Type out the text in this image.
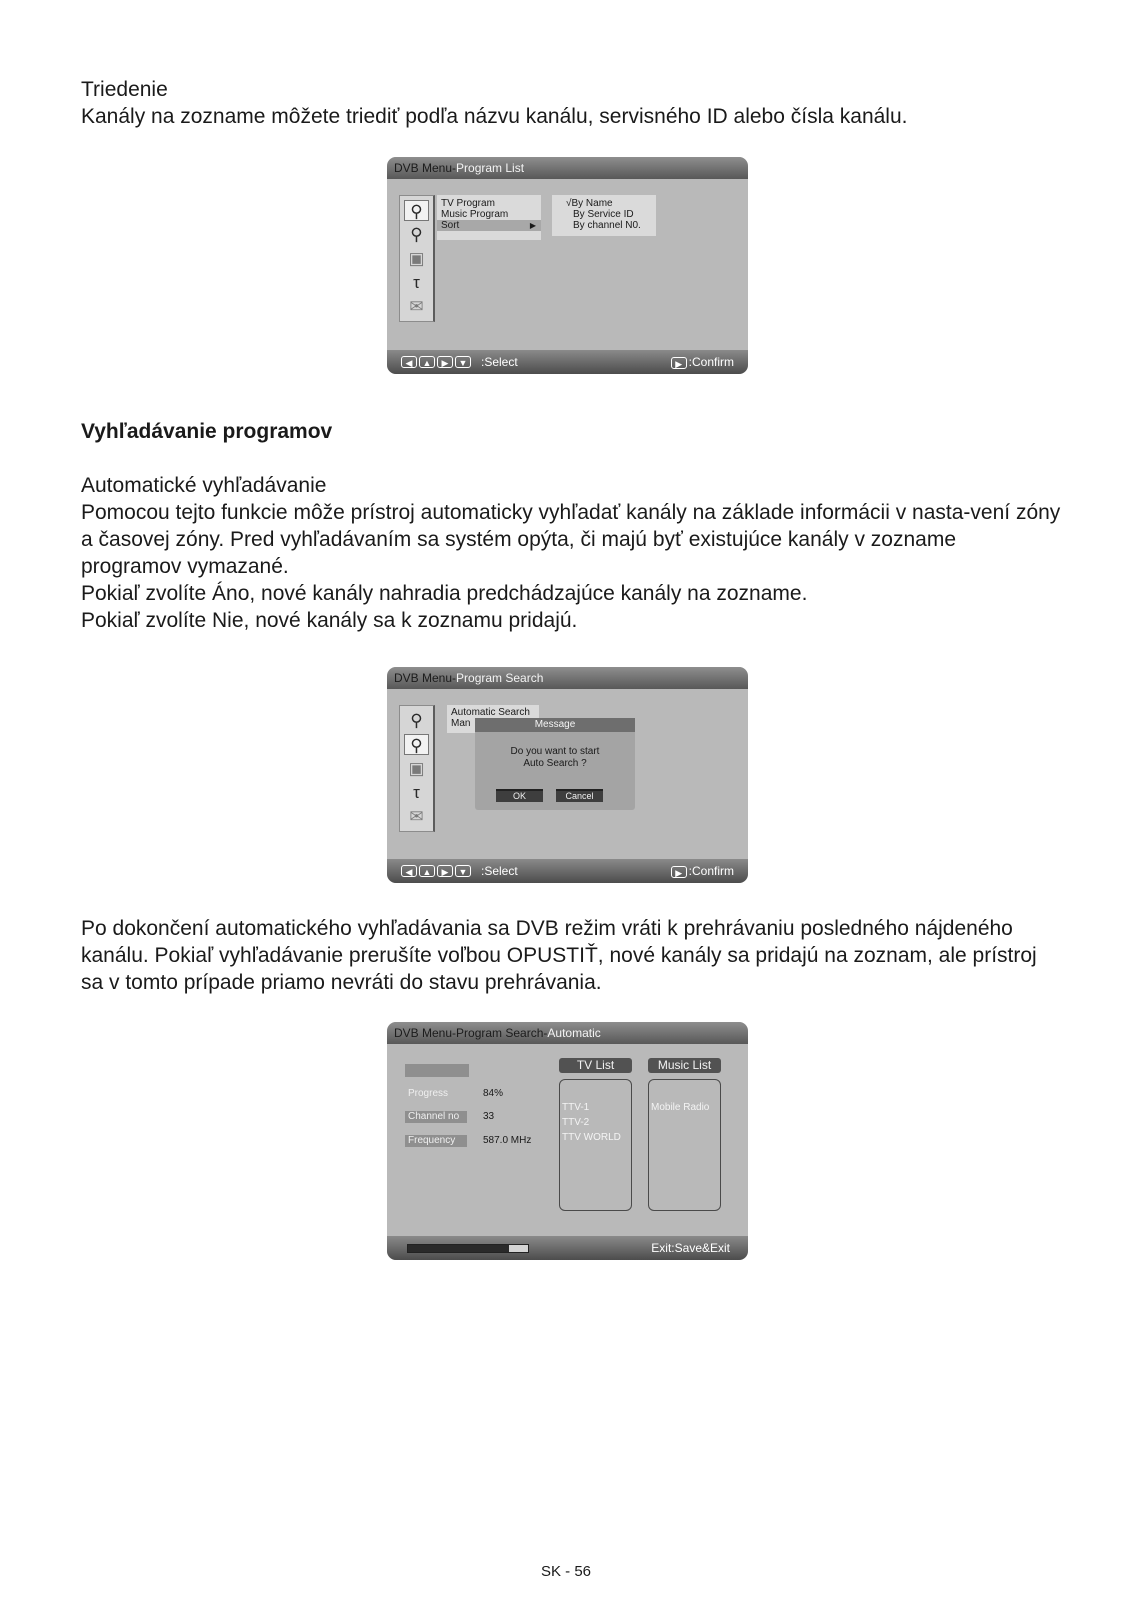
Triedenie

Kanály na zozname môžete triediť podľa názvu kanálu, servisného ID alebo čísla kanálu.

DVB Menu-Program List
⚲
⚲
▣
τ
✉
TV Program
Music Program
Sort	▶
√By Name
By Service ID
By channel N0.
◀	▲	▶	▼ :Select	▶ :Confirm

Vyhľadávanie programov

Automatické vyhľadávanie

Pomocou tejto funkcie môže prístroj automaticky vyhľadať kanály na základe informácii v nasta-vení zóny a časovej zóny. Pred vyhľadávaním sa systém opýta, či majú byť existujúce kanály v zozname programov vymazané.

Pokiaľ zvolíte Áno, nové kanály nahradia predchádzajúce kanály na zozname.

Pokiaľ zvolíte Nie, nové kanály sa k zoznamu pridajú.

DVB Menu-Program Search
⚲
⚲
▣
τ
✉
Automatic Search
Man	Message
Do you want to start
Auto Search ?
OK	Cancel
◀	▲	▶	▼ :Select	▶ :Confirm

Po dokončení automatického vyhľadávania sa DVB režim vráti k prehrávaniu posledného nájdeného kanálu. Pokiaľ vyhľadávanie prerušíte voľbou OPUSTIŤ, nové kanály sa pridajú na zoznam, ale prístroj sa v tomto prípade priamo nevráti do stavu prehrávania.

DVB Menu-Program Search-Automatic
Progress	84%
Channel no	33
Frequency	587.0 MHz
TV List	Music List
TTV-1
TTV-2
TTV WORLD
Mobile Radio
Exit:Save&Exit
SK - 56
